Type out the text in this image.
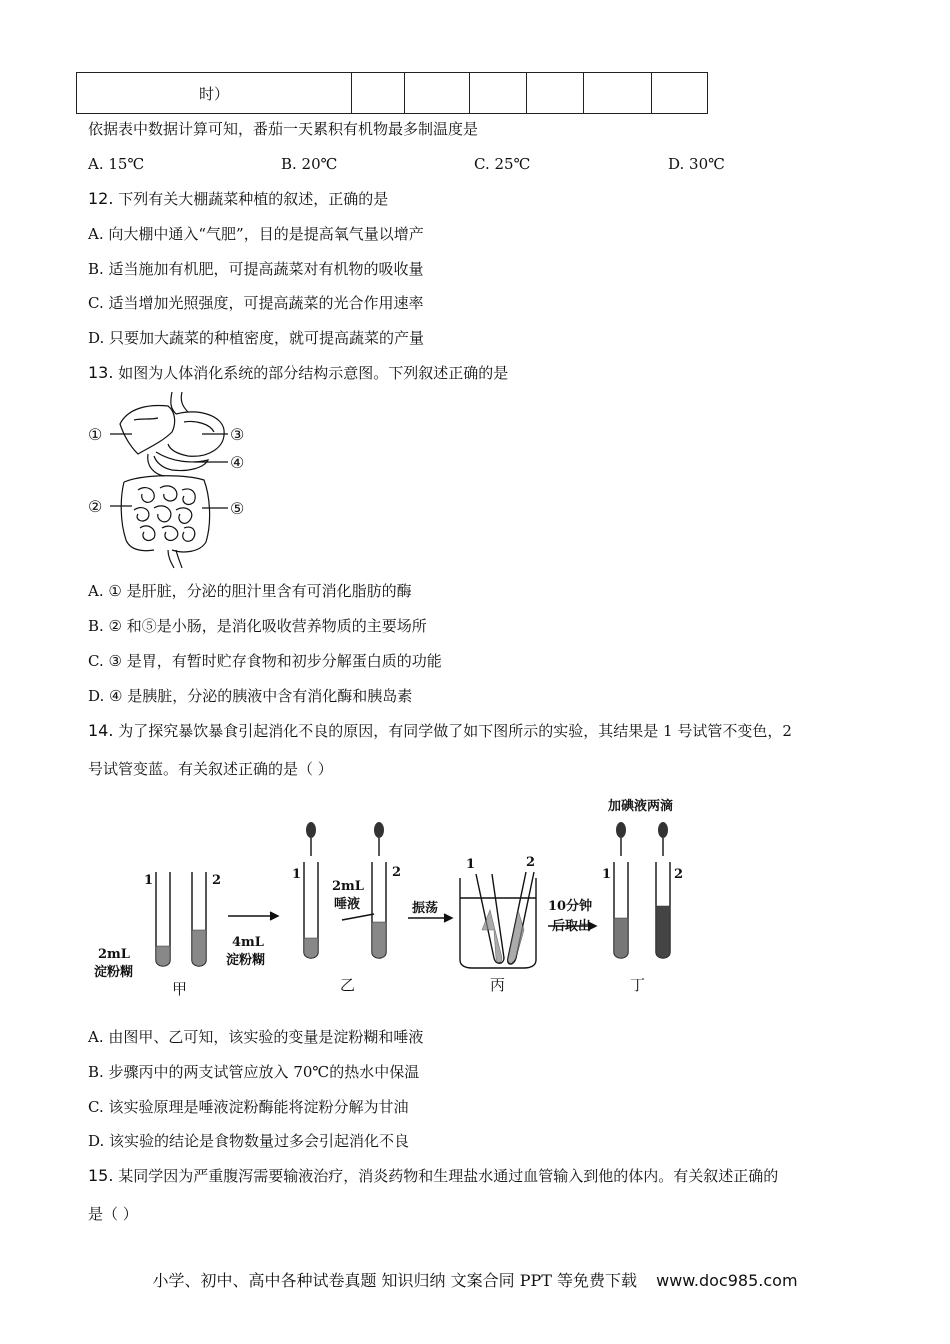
时）						
依据表中数据计算可知，番茄一天累积有机物最多制温度是
A. 15℃	B. 20℃	C. 25℃	D. 30℃
12. 下列有关大棚蔬菜种植的叙述，正确的是
A. 向大棚中通入“气肥”，目的是提高氧气量以增产
B. 适当施加有机肥，可提高蔬菜对有机物的吸收量
C. 适当增加光照强度，可提高蔬菜的光合作用速率
D. 只要加大蔬菜的种植密度，就可提高蔬菜的产量
13. 如图为人体消化系统的部分结构示意图。下列叙述正确的是
①	③
④
②	⑤
A. ① 是肝脏，分泌的胆汁里含有可消化脂肪的酶
B. ② 和⑤是小肠，是消化吸收营养物质的主要场所
C. ③ 是胃，有暂时贮存食物和初步分解蛋白质的功能
D. ④ 是胰脏，分泌的胰液中含有消化酶和胰岛素
14. 为了探究暴饮暴食引起消化不良的原因，有同学做了如下图所示的实验，其结果是 1 号试管不变色，2
号试管变蓝。有关叙述正确的是（ ）
1	2	1	2
1	2
1	2
2mL
淀粉糊
4mL
淀粉糊
2mL
唾液	振荡	10分钟
后取出
加碘液两滴
甲	乙	丙	丁
A. 由图甲、乙可知，该实验的变量是淀粉糊和唾液
B. 步骤丙中的两支试管应放入 70℃的热水中保温
C. 该实验原理是唾液淀粉酶能将淀粉分解为甘油
D. 该实验的结论是食物数量过多会引起消化不良
15. 某同学因为严重腹泻需要输液治疗，消炎药物和生理盐水通过血管输入到他的体内。有关叙述正确的
是（ ）
小学、初中、高中各种试卷真题 知识归纳 文案合同 PPT 等免费下载 www.doc985.com
